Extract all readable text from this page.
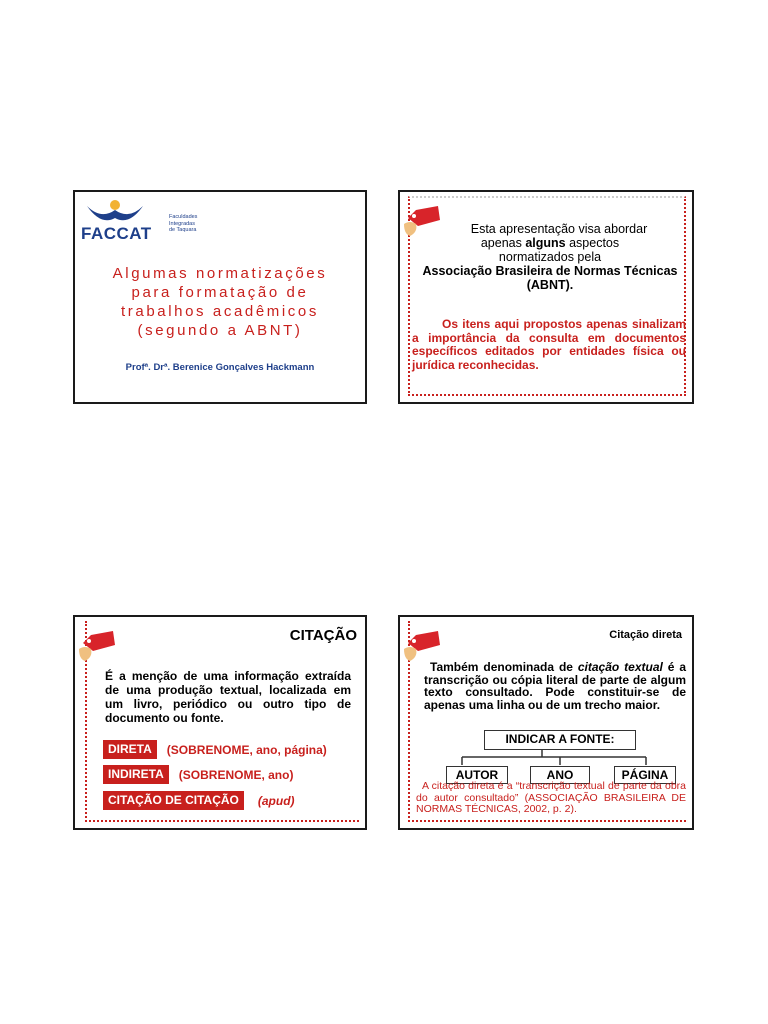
FACCAT
Faculdades
Integradas
de Taquara
Algumas normatizações
para formatação de
trabalhos acadêmicos
(segundo a ABNT)
Profª. Drª. Berenice Gonçalves Hackmann
Esta apresentação visa abordar
apenas alguns aspectos
normatizados pela
Associação Brasileira de Normas Técnicas
(ABNT).
Os itens aqui propostos apenas sinalizam a importância da consulta em documentos específicos editados por entidades física ou jurídica reconhecidas.
CITAÇÃO
É a menção de uma informação extraída de uma produção textual, localizada em um livro, periódico ou outro tipo de documento ou fonte.
DIRETA	(SOBRENOME, ano, página)
INDIRETA	(SOBRENOME, ano)
CITAÇÃO DE CITAÇÃO	(apud)
Citação direta
Também denominada de citação textual é a transcrição ou cópia literal de parte de algum texto consultado. Pode constituir-se de apenas uma linha ou de um trecho maior.
INDICAR A FONTE:
AUTOR	ANO	PÁGINA
A citação direta é a “transcrição textual de parte da obra do autor consultado” (ASSOCIAÇÃO BRASILEIRA DE NORMAS TÉCNICAS, 2002, p. 2).
